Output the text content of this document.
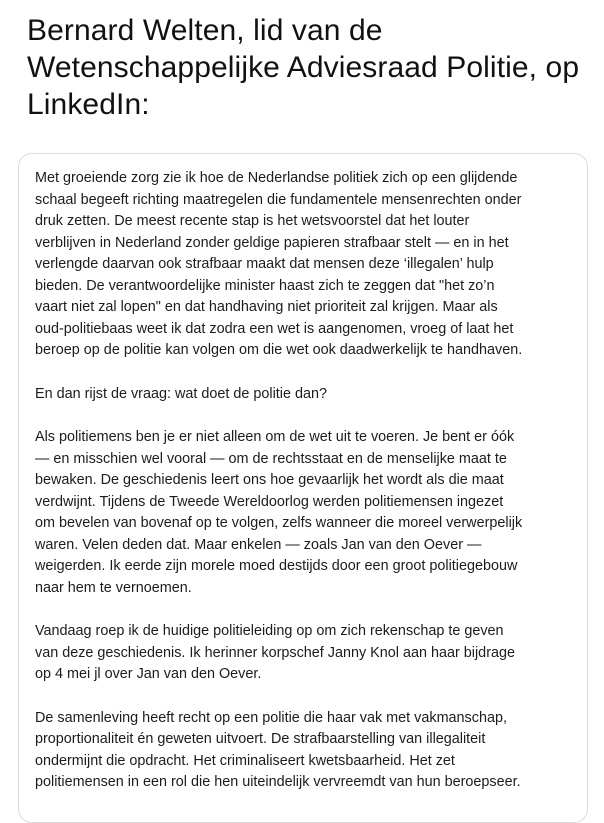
Bernard Welten, lid van de Wetenschappelijke Adviesraad Politie, op LinkedIn:

Met groeiende zorg zie ik hoe de Nederlandse politiek zich op een glijdende
schaal begeeft richting maatregelen die fundamentele mensenrechten onder
druk zetten. De meest recente stap is het wetsvoorstel dat het louter
verblijven in Nederland zonder geldige papieren strafbaar stelt — en in het
verlengde daarvan ook strafbaar maakt dat mensen deze ‘illegalen’ hulp
bieden. De verantwoordelijke minister haast zich te zeggen dat "het zo’n
vaart niet zal lopen" en dat handhaving niet prioriteit zal krijgen. Maar als
oud-politiebaas weet ik dat zodra een wet is aangenomen, vroeg of laat het
beroep op de politie kan volgen om die wet ook daadwerkelijk te handhaven.

En dan rijst de vraag: wat doet de politie dan?

Als politiemens ben je er niet alleen om de wet uit te voeren. Je bent er óók
— en misschien wel vooral — om de rechtsstaat en de menselijke maat te
bewaken. De geschiedenis leert ons hoe gevaarlijk het wordt als die maat
verdwijnt. Tijdens de Tweede Wereldoorlog werden politiemensen ingezet
om bevelen van bovenaf op te volgen, zelfs wanneer die moreel verwerpelijk
waren. Velen deden dat. Maar enkelen — zoals Jan van den Oever —
weigerden. Ik eerde zijn morele moed destijds door een groot politiegebouw
naar hem te vernoemen.

Vandaag roep ik de huidige politieleiding op om zich rekenschap te geven
van deze geschiedenis. Ik herinner korpschef Janny Knol aan haar bijdrage
op 4 mei jl over Jan van den Oever.

De samenleving heeft recht op een politie die haar vak met vakmanschap,
proportionaliteit én geweten uitvoert. De strafbaarstelling van illegaliteit
ondermijnt die opdracht. Het criminaliseert kwetsbaarheid. Het zet
politiemensen in een rol die hen uiteindelijk vervreemdt van hun beroepseer.
